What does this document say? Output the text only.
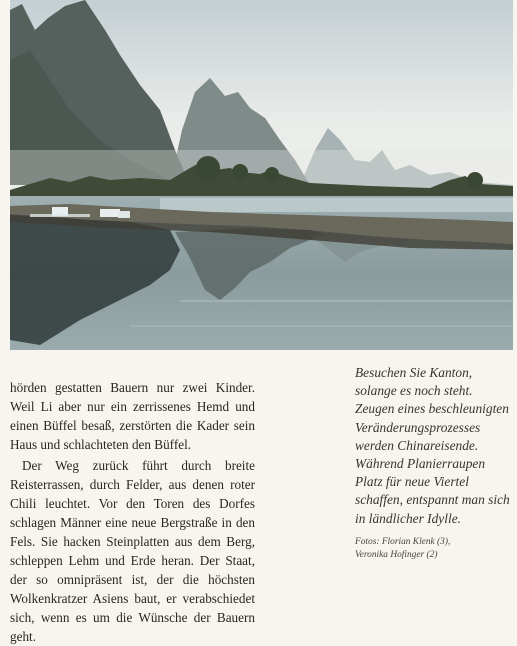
hörden gestatten Bauern nur zwei Kinder. Weil Li aber nur ein zerrissenes Hemd und einen Büffel besaß, zerstörten die Kader sein Haus und schlachteten den Büffel.

Der Weg zurück führt durch breite Reisterrassen, durch Felder, aus denen roter Chili leuchtet. Vor den Toren des Dorfes schlagen Männer eine neue Bergstraße in den Fels. Sie hacken Steinplatten aus dem Berg, schleppen Lehm und Erde heran. Der Staat, der so omnipräsent ist, der die höchsten Wolkenkratzer Asiens baut, er verabschiedet sich, wenn es um die Wünsche der Bauern geht.

Besuchen Sie Kanton, solange es noch steht. Zeugen eines beschleunigten Veränderungsprozesses werden Chinareisende. Während Planierraupen Platz für neue Viertel schaffen, entspannt man sich in ländlicher Idylle.

Fotos: Florian Klenk (3),
Veronika Hofinger (2)
